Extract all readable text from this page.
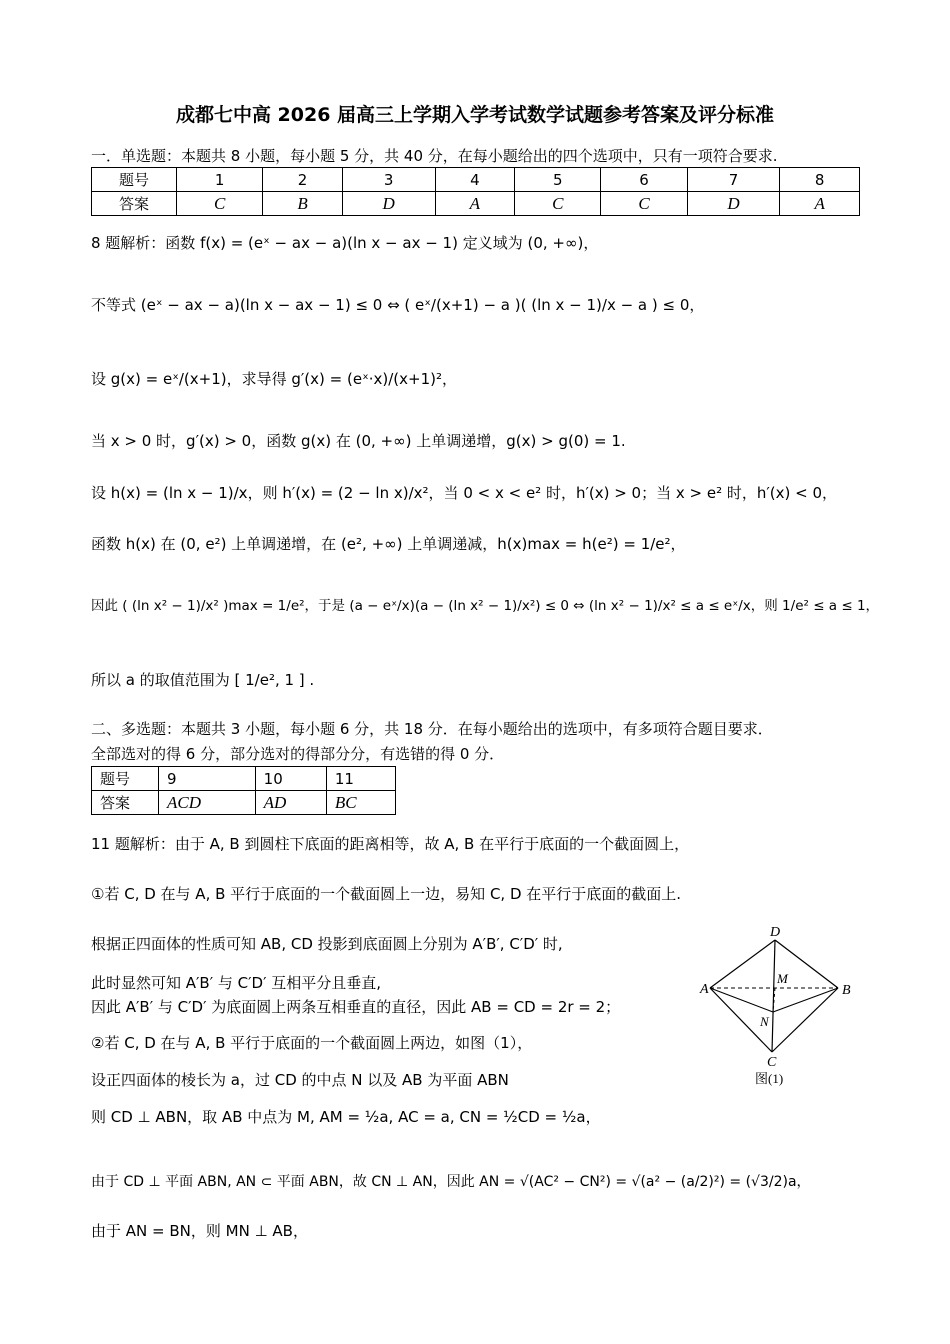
成都七中高 2026 届高三上学期入学考试数学试题参考答案及评分标准
一．单选题：本题共 8 小题，每小题 5 分，共 40 分，在每小题给出的四个选项中，只有一项符合要求.
题号	1	2	3	4	5	6	7	8
答案	C	B	D	A	C	C	D	A
8 题解析：函数 f(x) = (eˣ − ax − a)(ln x − ax − 1) 定义域为 (0, +∞)，
不等式 (eˣ − ax − a)(ln x − ax − 1) ≤ 0 ⇔ ( eˣ/(x+1) − a )( (ln x − 1)/x − a ) ≤ 0，
设 g(x) = eˣ/(x+1)，求导得 g′(x) = (eˣ·x)/(x+1)²，
当 x > 0 时，g′(x) > 0，函数 g(x) 在 (0, +∞) 上单调递增，g(x) > g(0) = 1.
设 h(x) = (ln x − 1)/x，则 h′(x) = (2 − ln x)/x²，当 0 < x < e² 时，h′(x) > 0；当 x > e² 时，h′(x) < 0，
函数 h(x) 在 (0, e²) 上单调递增，在 (e², +∞) 上单调递减，h(x)max = h(e²) = 1/e²，
因此 ( (ln x² − 1)/x² )max = 1/e²，于是 (a − eˣ/x)(a − (ln x² − 1)/x²) ≤ 0 ⇔ (ln x² − 1)/x² ≤ a ≤ eˣ/x，则 1/e² ≤ a ≤ 1，
所以 a 的取值范围为 [ 1/e², 1 ] .
二、多选题：本题共 3 小题，每小题 6 分，共 18 分．在每小题给出的选项中，有多项符合题目要求．
全部选对的得 6 分，部分选对的得部分分，有选错的得 0 分．
题号	9	10	11
答案	ACD	AD	BC
11 题解析：由于 A, B 到圆柱下底面的距离相等，故 A, B 在平行于底面的一个截面圆上，
①若 C, D 在与 A, B 平行于底面的一个截面圆上一边，易知 C, D 在平行于底面的截面上.
根据正四面体的性质可知 AB, CD 投影到底面圆上分别为 A′B′, C′D′ 时,
此时显然可知 A′B′ 与 C′D′ 互相平分且垂直,
因此 A′B′ 与 C′D′ 为底面圆上两条互相垂直的直径，因此 AB = CD = 2r = 2；
②若 C, D 在与 A, B 平行于底面的一个截面圆上两边，如图（1），
设正四面体的棱长为 a，过 CD 的中点 N 以及 AB 为平面 ABN
则 CD ⊥ ABN，取 AB 中点为 M, AM = ½a, AC = a, CN = ½CD = ½a，
由于 CD ⊥ 平面 ABN, AN ⊂ 平面 ABN，故 CN ⊥ AN，因此 AN = √(AC² − CN²) = √(a² − (a/2)²) = (√3/2)a，
由于 AN = BN，则 MN ⊥ AB，
A	B
C
D
M
N
图(1)
